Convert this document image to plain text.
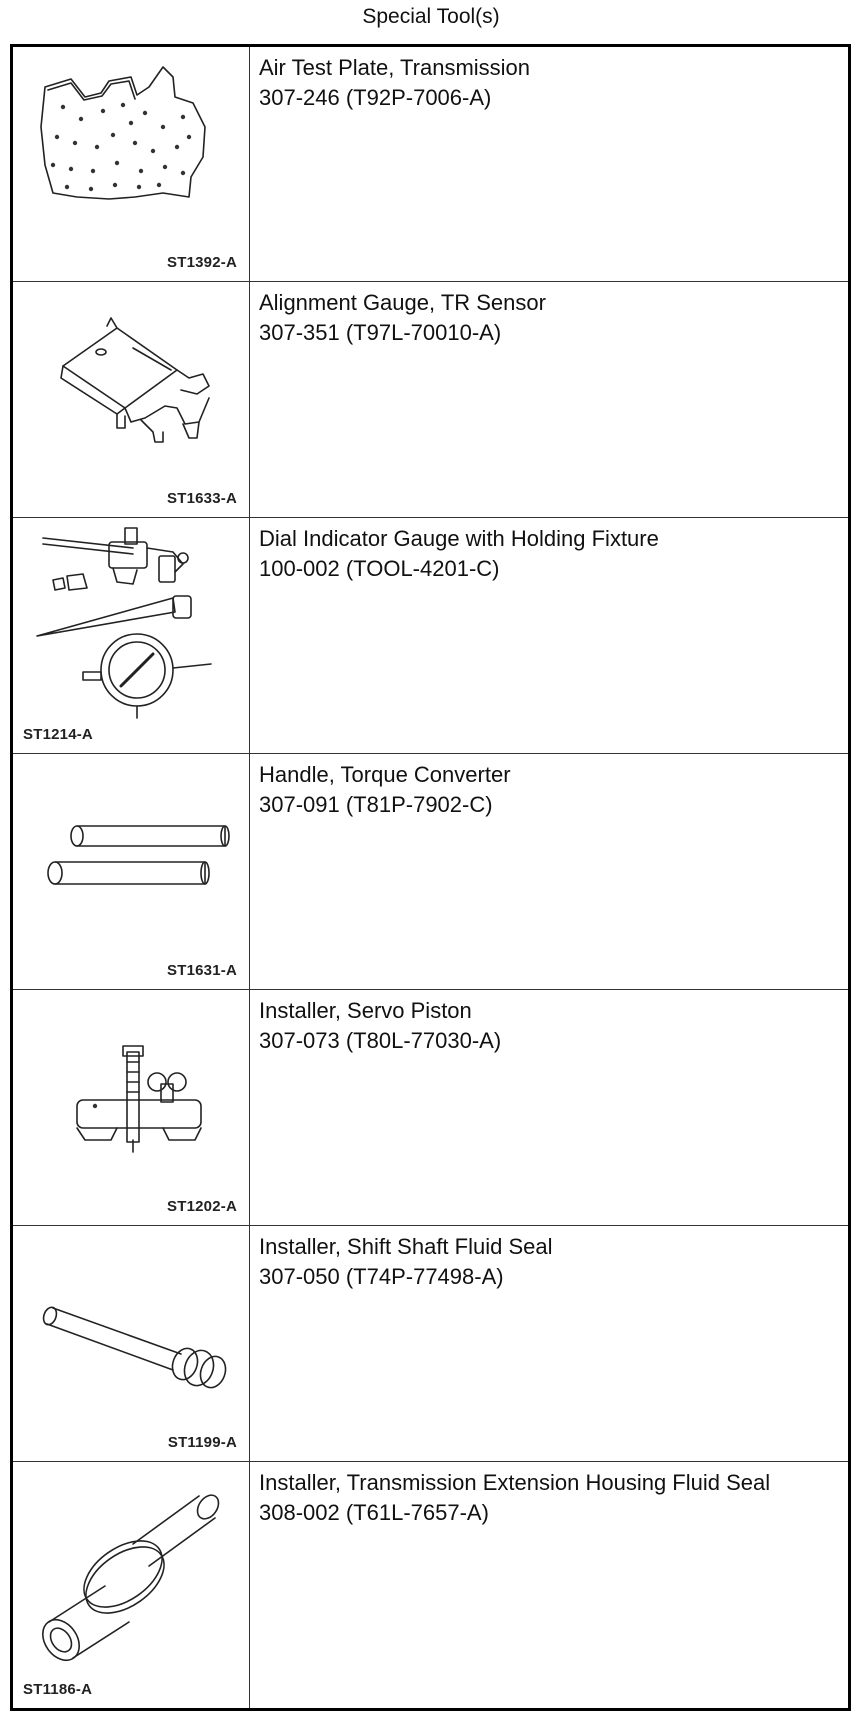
Special Tool(s)
ST1392-A	Air Test Plate, Transmission
307-246 (T92P-7006-A)

ST1633-A	Alignment Gauge, TR Sensor
307-351 (T97L-70010-A)

ST1214-A	Dial Indicator Gauge with Holding Fixture
100-002 (TOOL-4201-C)

ST1631-A	Handle, Torque Converter
307-091 (T81P-7902-C)

ST1202-A	Installer, Servo Piston
307-073 (T80L-77030-A)

ST1199-A	Installer, Shift Shaft Fluid Seal
307-050 (T74P-77498-A)

ST1186-A	Installer, Transmission Extension Housing Fluid Seal
308-002 (T61L-7657-A)
